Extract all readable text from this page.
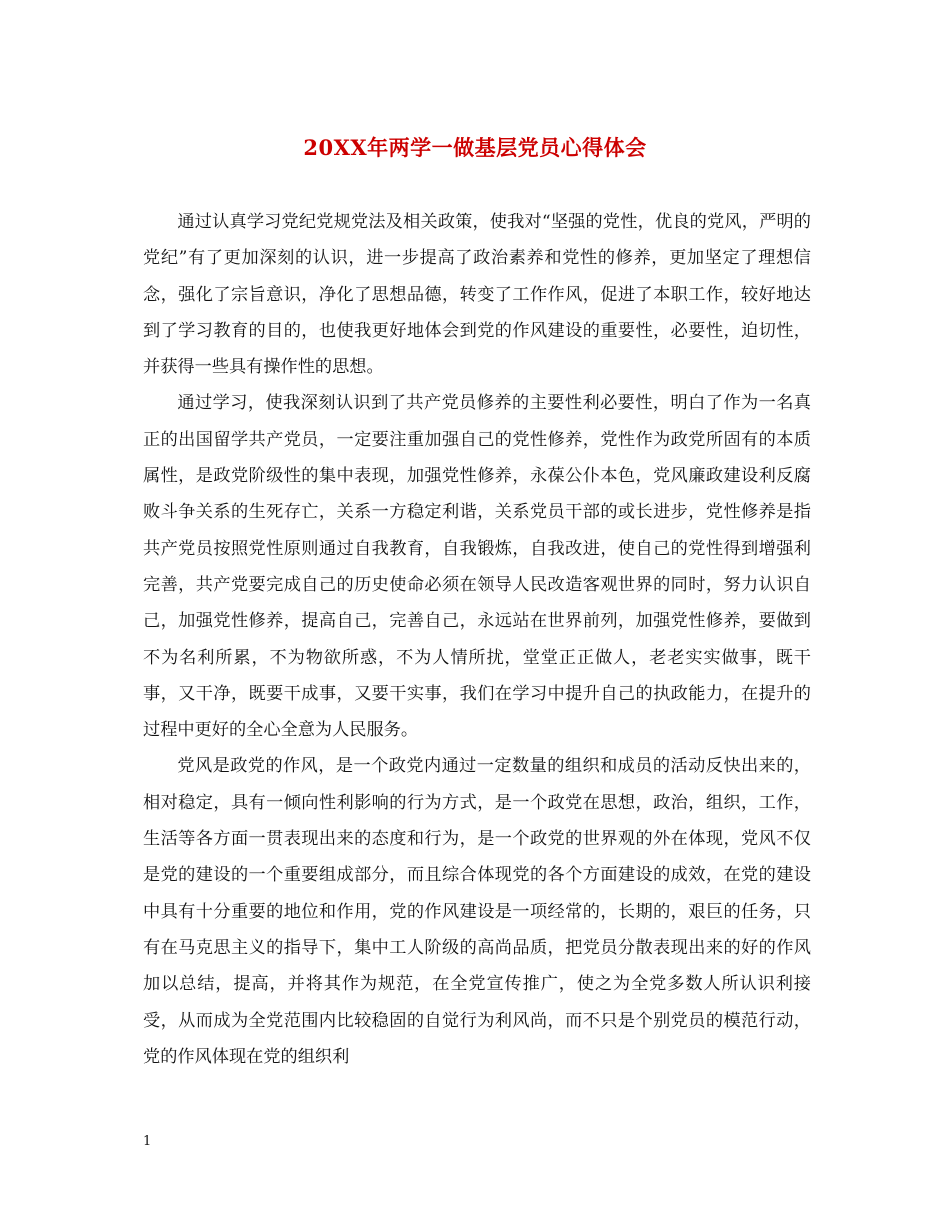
20XX年两学一做基层党员心得体会

通过认真学习党纪党规党法及相关政策，使我对“坚强的党性，优良的党风，严明的党纪”有了更加深刻的认识，进一步提高了政治素养和党性的修养，更加坚定了理想信念，强化了宗旨意识，净化了思想品德，转变了工作作风，促进了本职工作，较好地达到了学习教育的目的，也使我更好地体会到党的作风建设的重要性，必要性，迫切性，并获得一些具有操作性的思想。

通过学习，使我深刻认识到了共产党员修养的主要性利必要性，明白了作为一名真正的出国留学共产党员，一定要注重加强自己的党性修养，党性作为政党所固有的本质属性，是政党阶级性的集中表现，加强党性修养，永葆公仆本色，党风廉政建设利反腐败斗争关系的生死存亡，关系一方稳定利谐，关系党员干部的或长进步，党性修养是指共产党员按照党性原则通过自我教育，自我锻炼，自我改进，使自己的党性得到增强利完善，共产党要完成自己的历史使命必须在领导人民改造客观世界的同时，努力认识自己，加强党性修养，提高自己，完善自己，永远站在世界前列，加强党性修养，要做到不为名利所累，不为物欲所惑，不为人情所扰，堂堂正正做人，老老实实做事，既干事，又干净，既要干成事，又要干实事，我们在学习中提升自己的执政能力，在提升的过程中更好的全心全意为人民服务。

党风是政党的作风，是一个政党内通过一定数量的组织和成员的活动反快出来的，相对稳定，具有一倾向性利影响的行为方式，是一个政党在思想，政治，组织，工作，生活等各方面一贯表现出来的态度和行为，是一个政党的世界观的外在体现，党风不仅是党的建设的一个重要组成部分，而且综合体现党的各个方面建设的成效，在党的建设中具有十分重要的地位和作用，党的作风建设是一项经常的，长期的，艰巨的任务，只有在马克思主义的指导下，集中工人阶级的高尚品质，把党员分散表现出来的好的作风加以总结，提高，并将其作为规范，在全党宣传推广，使之为全党多数人所认识利接受，从而成为全党范围内比较稳固的自觉行为利风尚，而不只是个别党员的模范行动，党的作风体现在党的组织利

1
